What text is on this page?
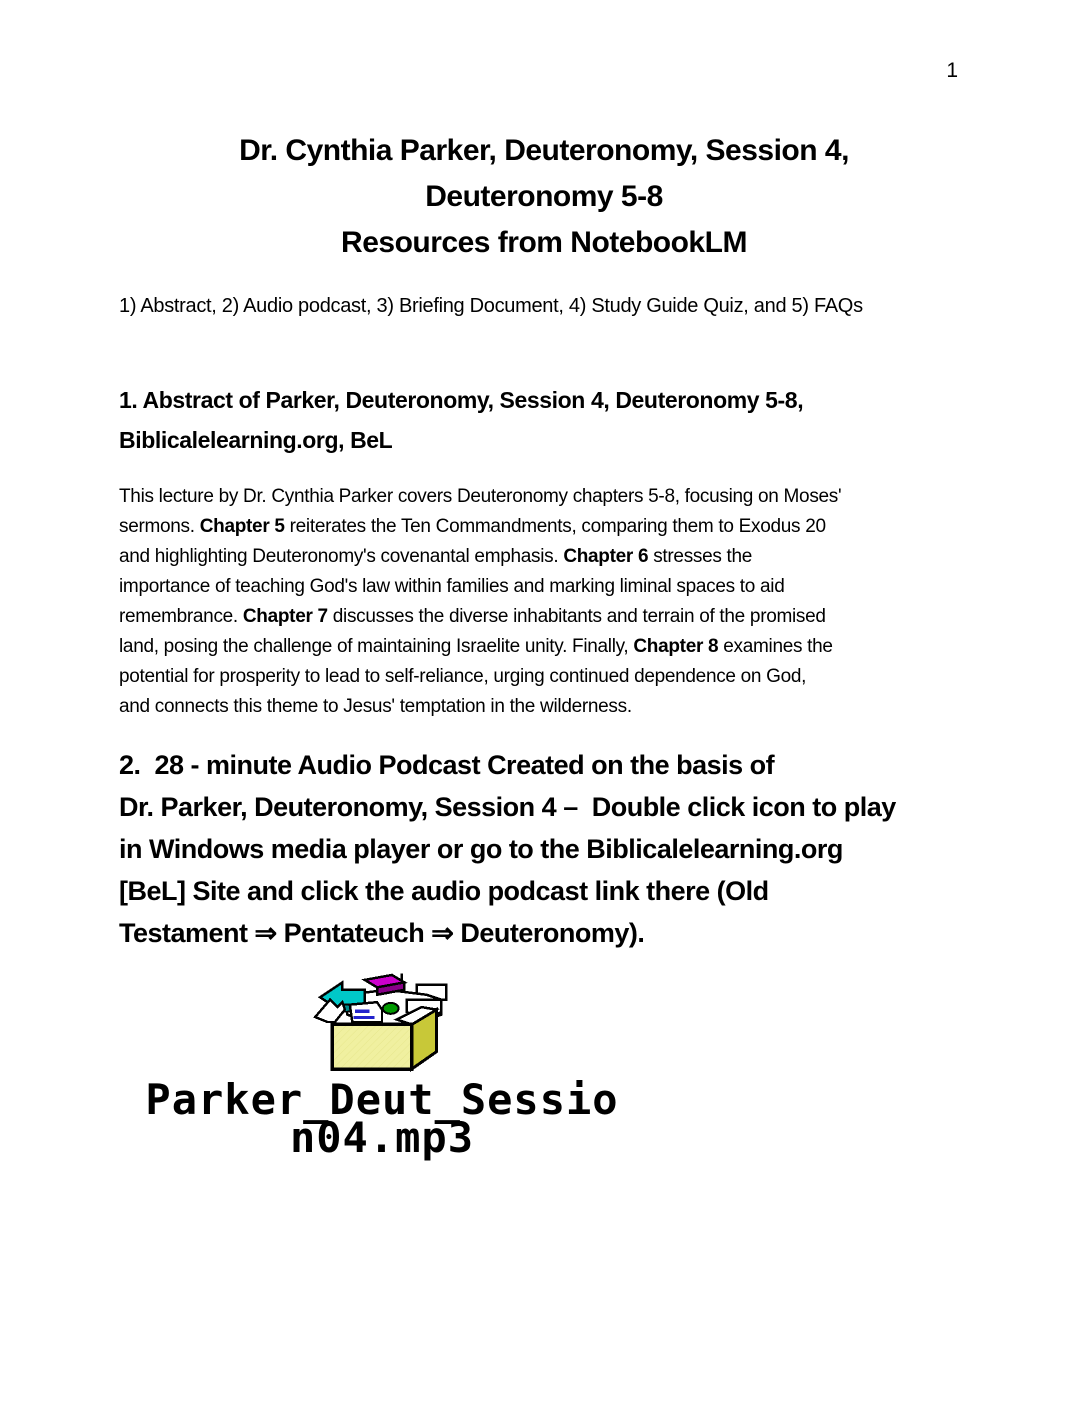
1
Dr. Cynthia Parker, Deuteronomy, Session 4,
Deuteronomy 5-8
Resources from NotebookLM
1) Abstract, 2) Audio podcast, 3) Briefing Document, 4) Study Guide Quiz, and 5) FAQs
1. Abstract of Parker, Deuteronomy, Session 4, Deuteronomy 5-8,
Biblicalelearning.org, BeL
This lecture by Dr. Cynthia Parker covers Deuteronomy chapters 5-8, focusing on Moses'
sermons. Chapter 5 reiterates the Ten Commandments, comparing them to Exodus 20
and highlighting Deuteronomy's covenantal emphasis. Chapter 6 stresses the
importance of teaching God's law within families and marking liminal spaces to aid
remembrance. Chapter 7 discusses the diverse inhabitants and terrain of the promised
land, posing the challenge of maintaining Israelite unity. Finally, Chapter 8 examines the
potential for prosperity to lead to self-reliance, urging continued dependence on God,
and connects this theme to Jesus' temptation in the wilderness.
2.  28 - minute Audio Podcast Created on the basis of
Dr. Parker, Deuteronomy, Session 4 –  Double click icon to play
in Windows media player or go to the Biblicalelearning.org
[BeL] Site and click the audio podcast link there (Old
Testament ⇒ Pentateuch ⇒ Deuteronomy).
Parker_Deut_Sessio
n04.mp3
